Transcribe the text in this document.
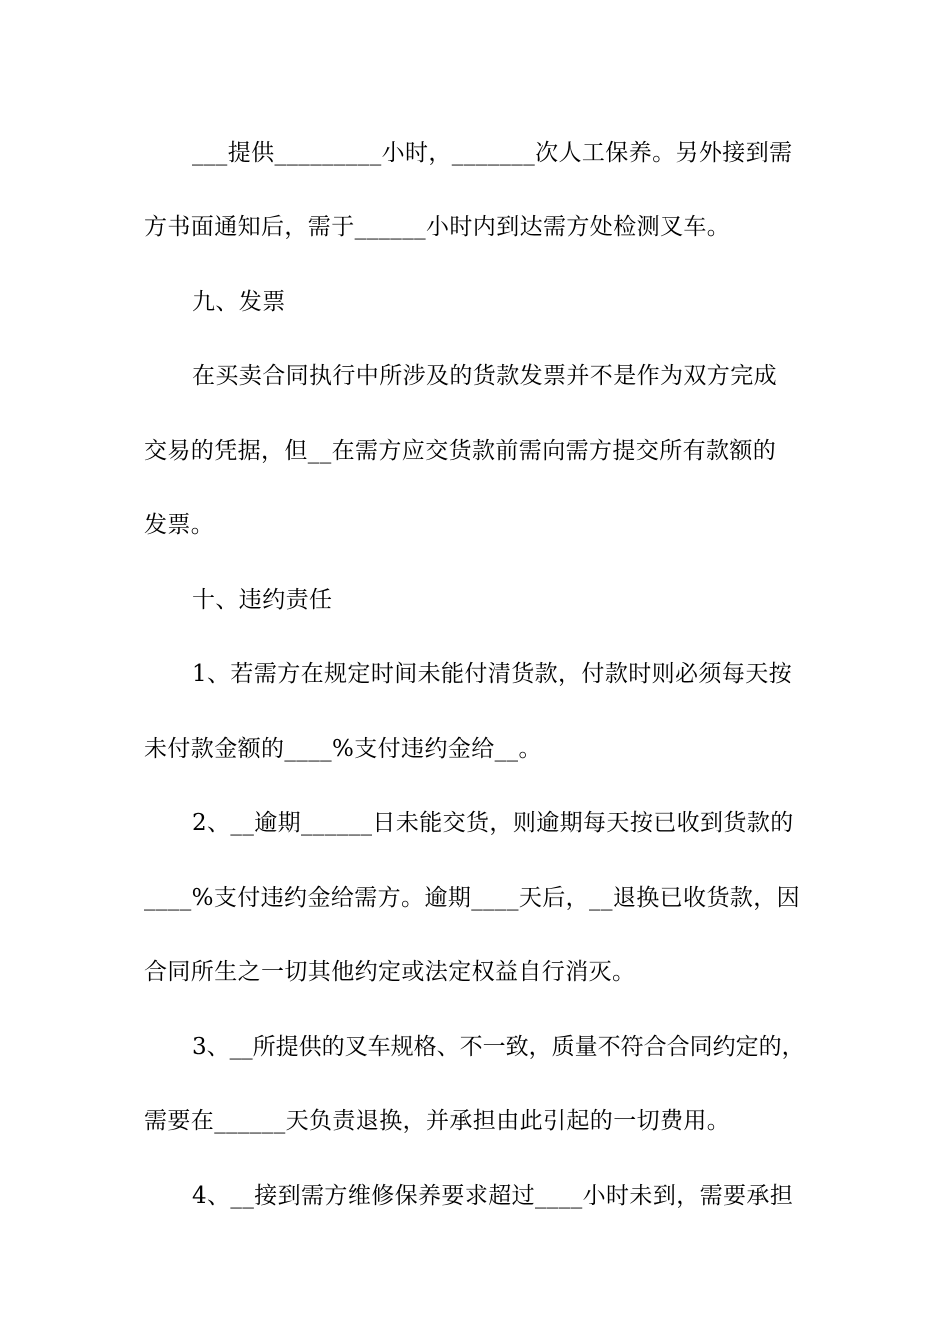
___提供_________小时，_______次人工保养。另外接到需
方书面通知后，需于______小时内到达需方处检测叉车。
九、发票
在买卖合同执行中所涉及的货款发票并不是作为双方完成
交易的凭据，但__在需方应交货款前需向需方提交所有款额的
发票。
十、违约责任
1、若需方在规定时间未能付清货款，付款时则必须每天按
未付款金额的____%支付违约金给__。
2、__逾期______日未能交货，则逾期每天按已收到货款的
____%支付违约金给需方。逾期____天后，__退换已收货款，因
合同所生之一切其他约定或法定权益自行消灭。
3、__所提供的叉车规格、不一致，质量不符合合同约定的，
需要在______天负责退换，并承担由此引起的一切费用。
4、__接到需方维修保养要求超过____小时未到，需要承担
